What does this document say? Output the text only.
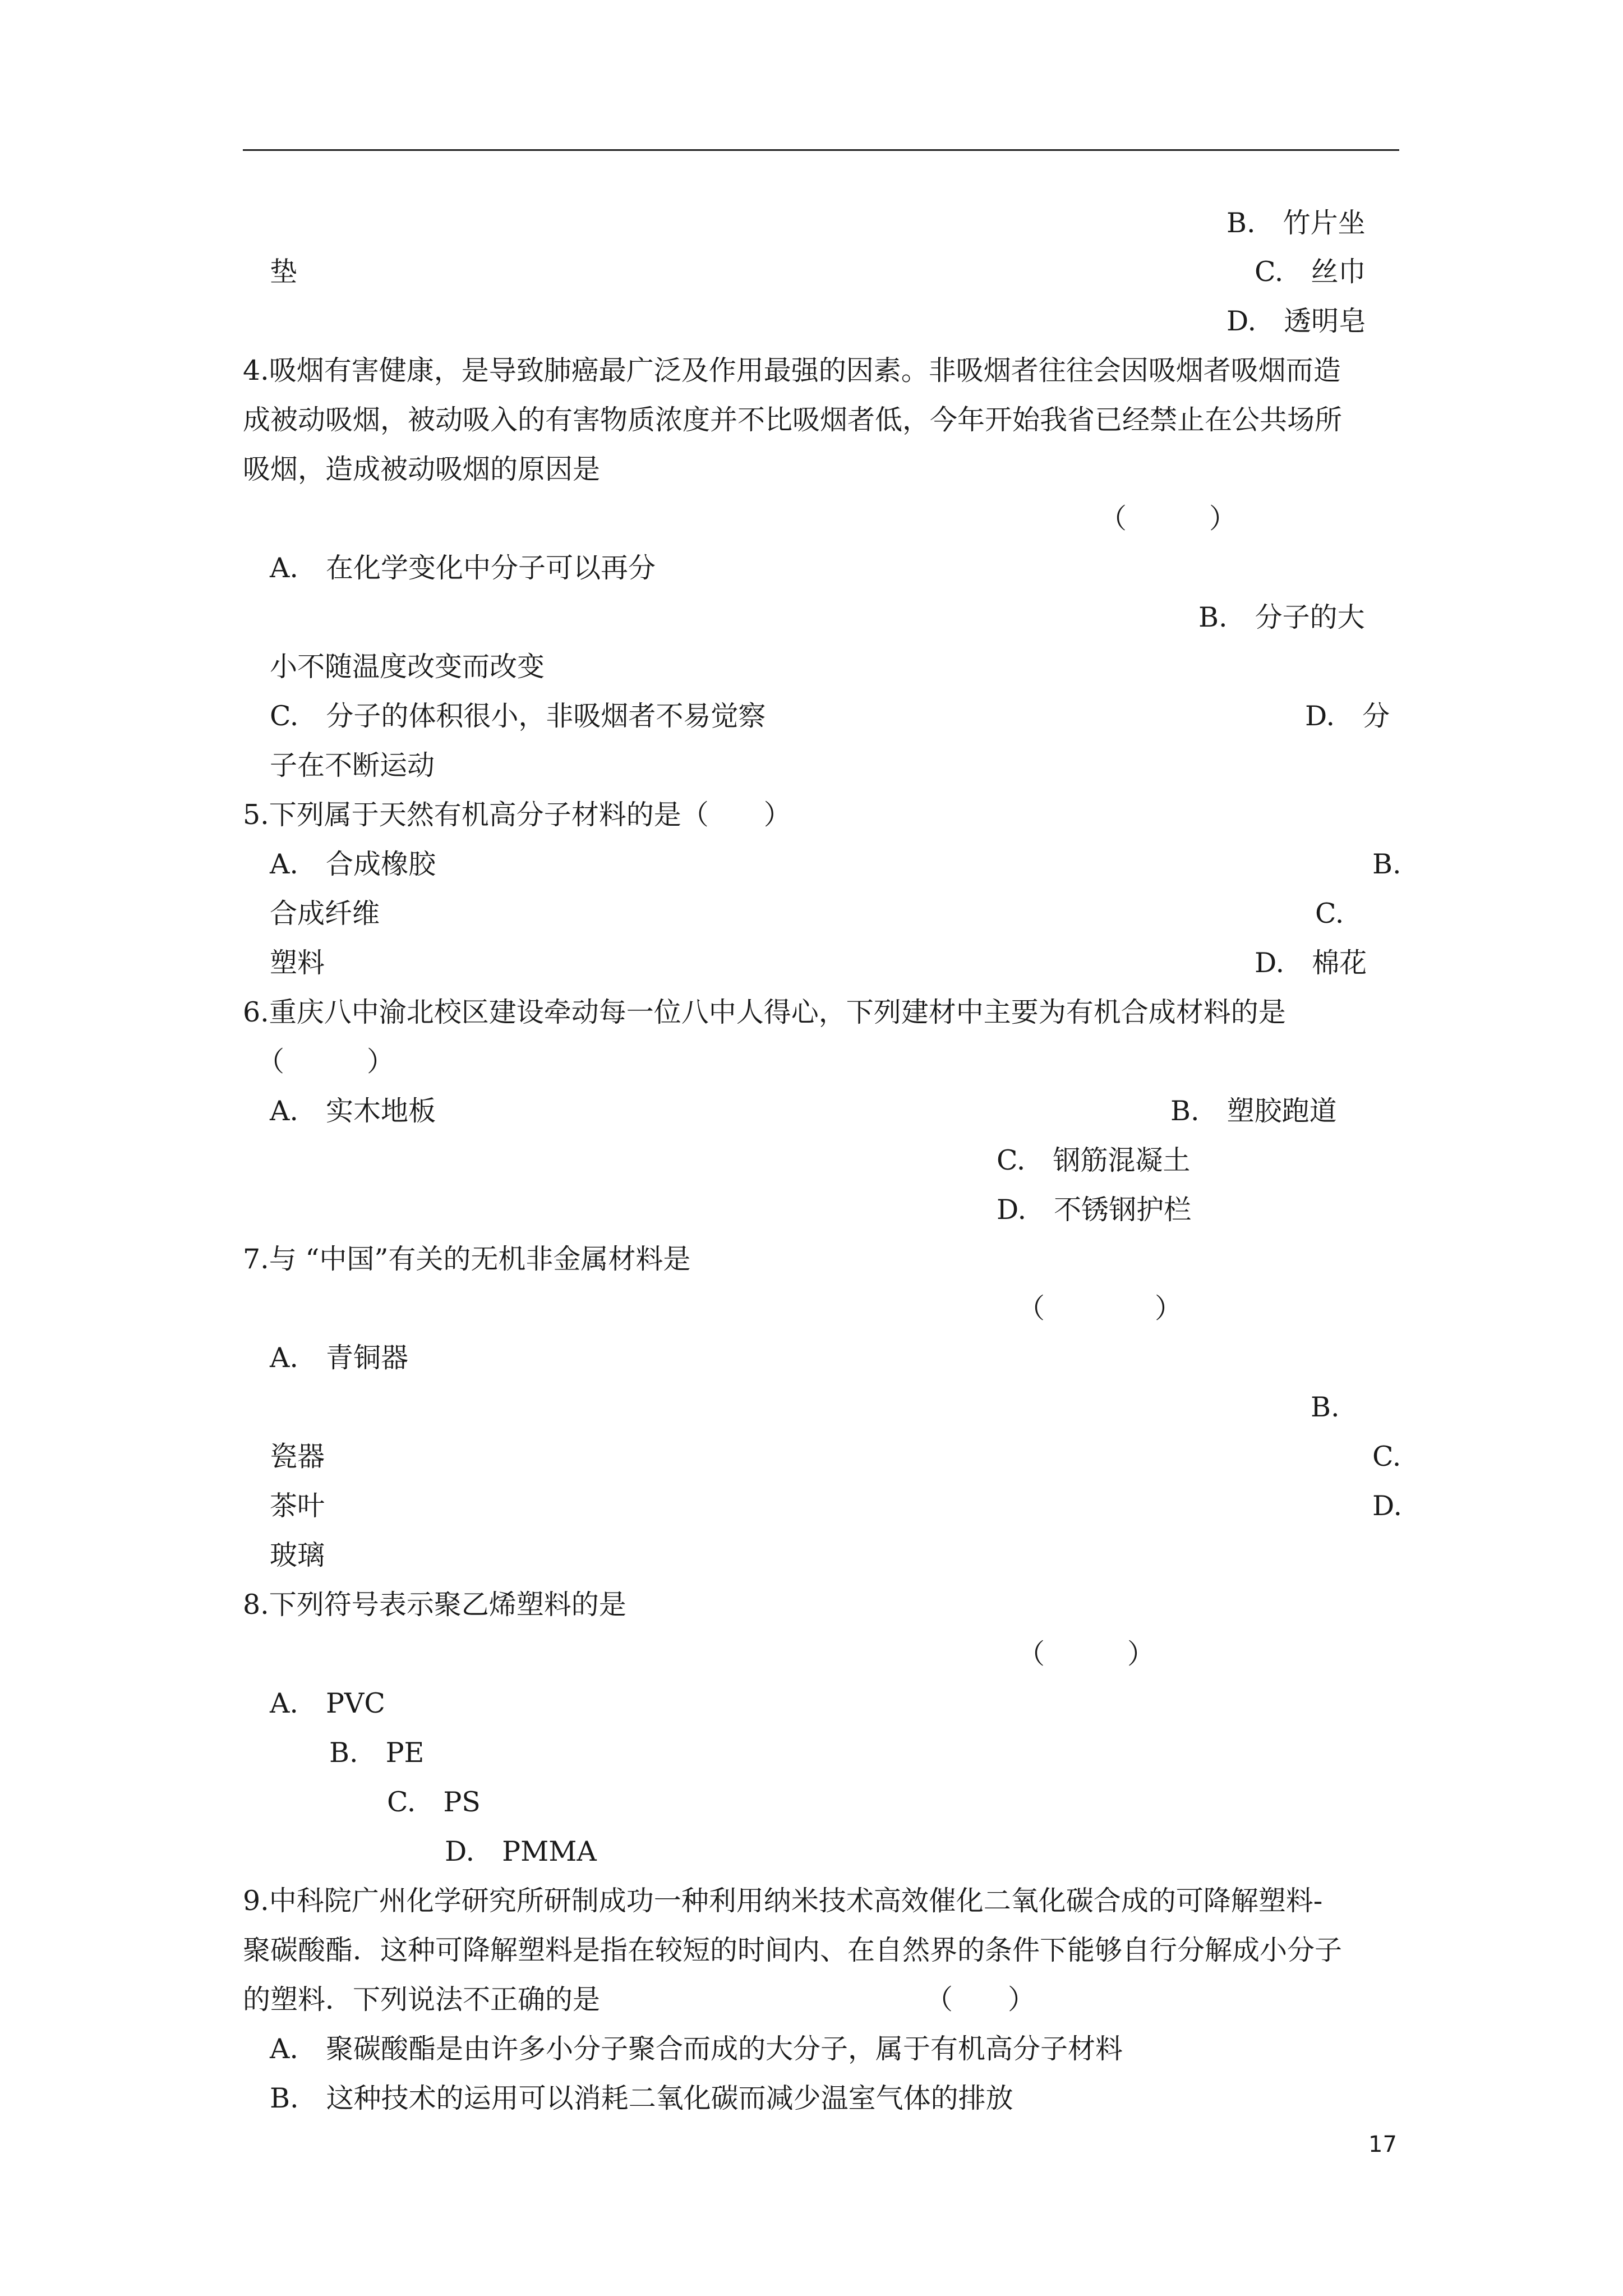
B.　竹片坐
垫	C.　丝巾
D.　透明皂
4.吸烟有害健康，是导致肺癌最广泛及作用最强的因素。非吸烟者往往会因吸烟者吸烟而造
成被动吸烟，被动吸入的有害物质浓度并不比吸烟者低，今年开始我省已经禁止在公共场所
吸烟，造成被动吸烟的原因是
（　　　）
A.　在化学变化中分子可以再分
B.　分子的大
小不随温度改变而改变
C.　分子的体积很小，非吸烟者不易觉察	D.　分
子在不断运动
5.下列属于天然有机高分子材料的是（　　）
A.　合成橡胶	B.
合成纤维	C.
塑料	D.　棉花
6.重庆八中渝北校区建设牵动每一位八中人得心，下列建材中主要为有机合成材料的是
（　　　）
A.　实木地板	B.　塑胶跑道
C.　钢筋混凝土
D.　不锈钢护栏
7.与 “中国”有关的无机非金属材料是
（　　　　）
A.　青铜器
B.
瓷器	C.
茶叶	D.
玻璃
8.下列符号表示聚乙烯塑料的是
（　　　）
A.　PVC
B.　PE
C.　PS
D.　PMMA
9.中科院广州化学研究所研制成功一种利用纳米技术高效催化二氧化碳合成的可降解塑料-
聚碳酸酯．这种可降解塑料是指在较短的时间内、在自然界的条件下能够自行分解成小分子
的塑料．下列说法不正确的是	（　　）
A.　聚碳酸酯是由许多小分子聚合而成的大分子，属于有机高分子材料
B.　这种技术的运用可以消耗二氧化碳而减少温室气体的排放
17
